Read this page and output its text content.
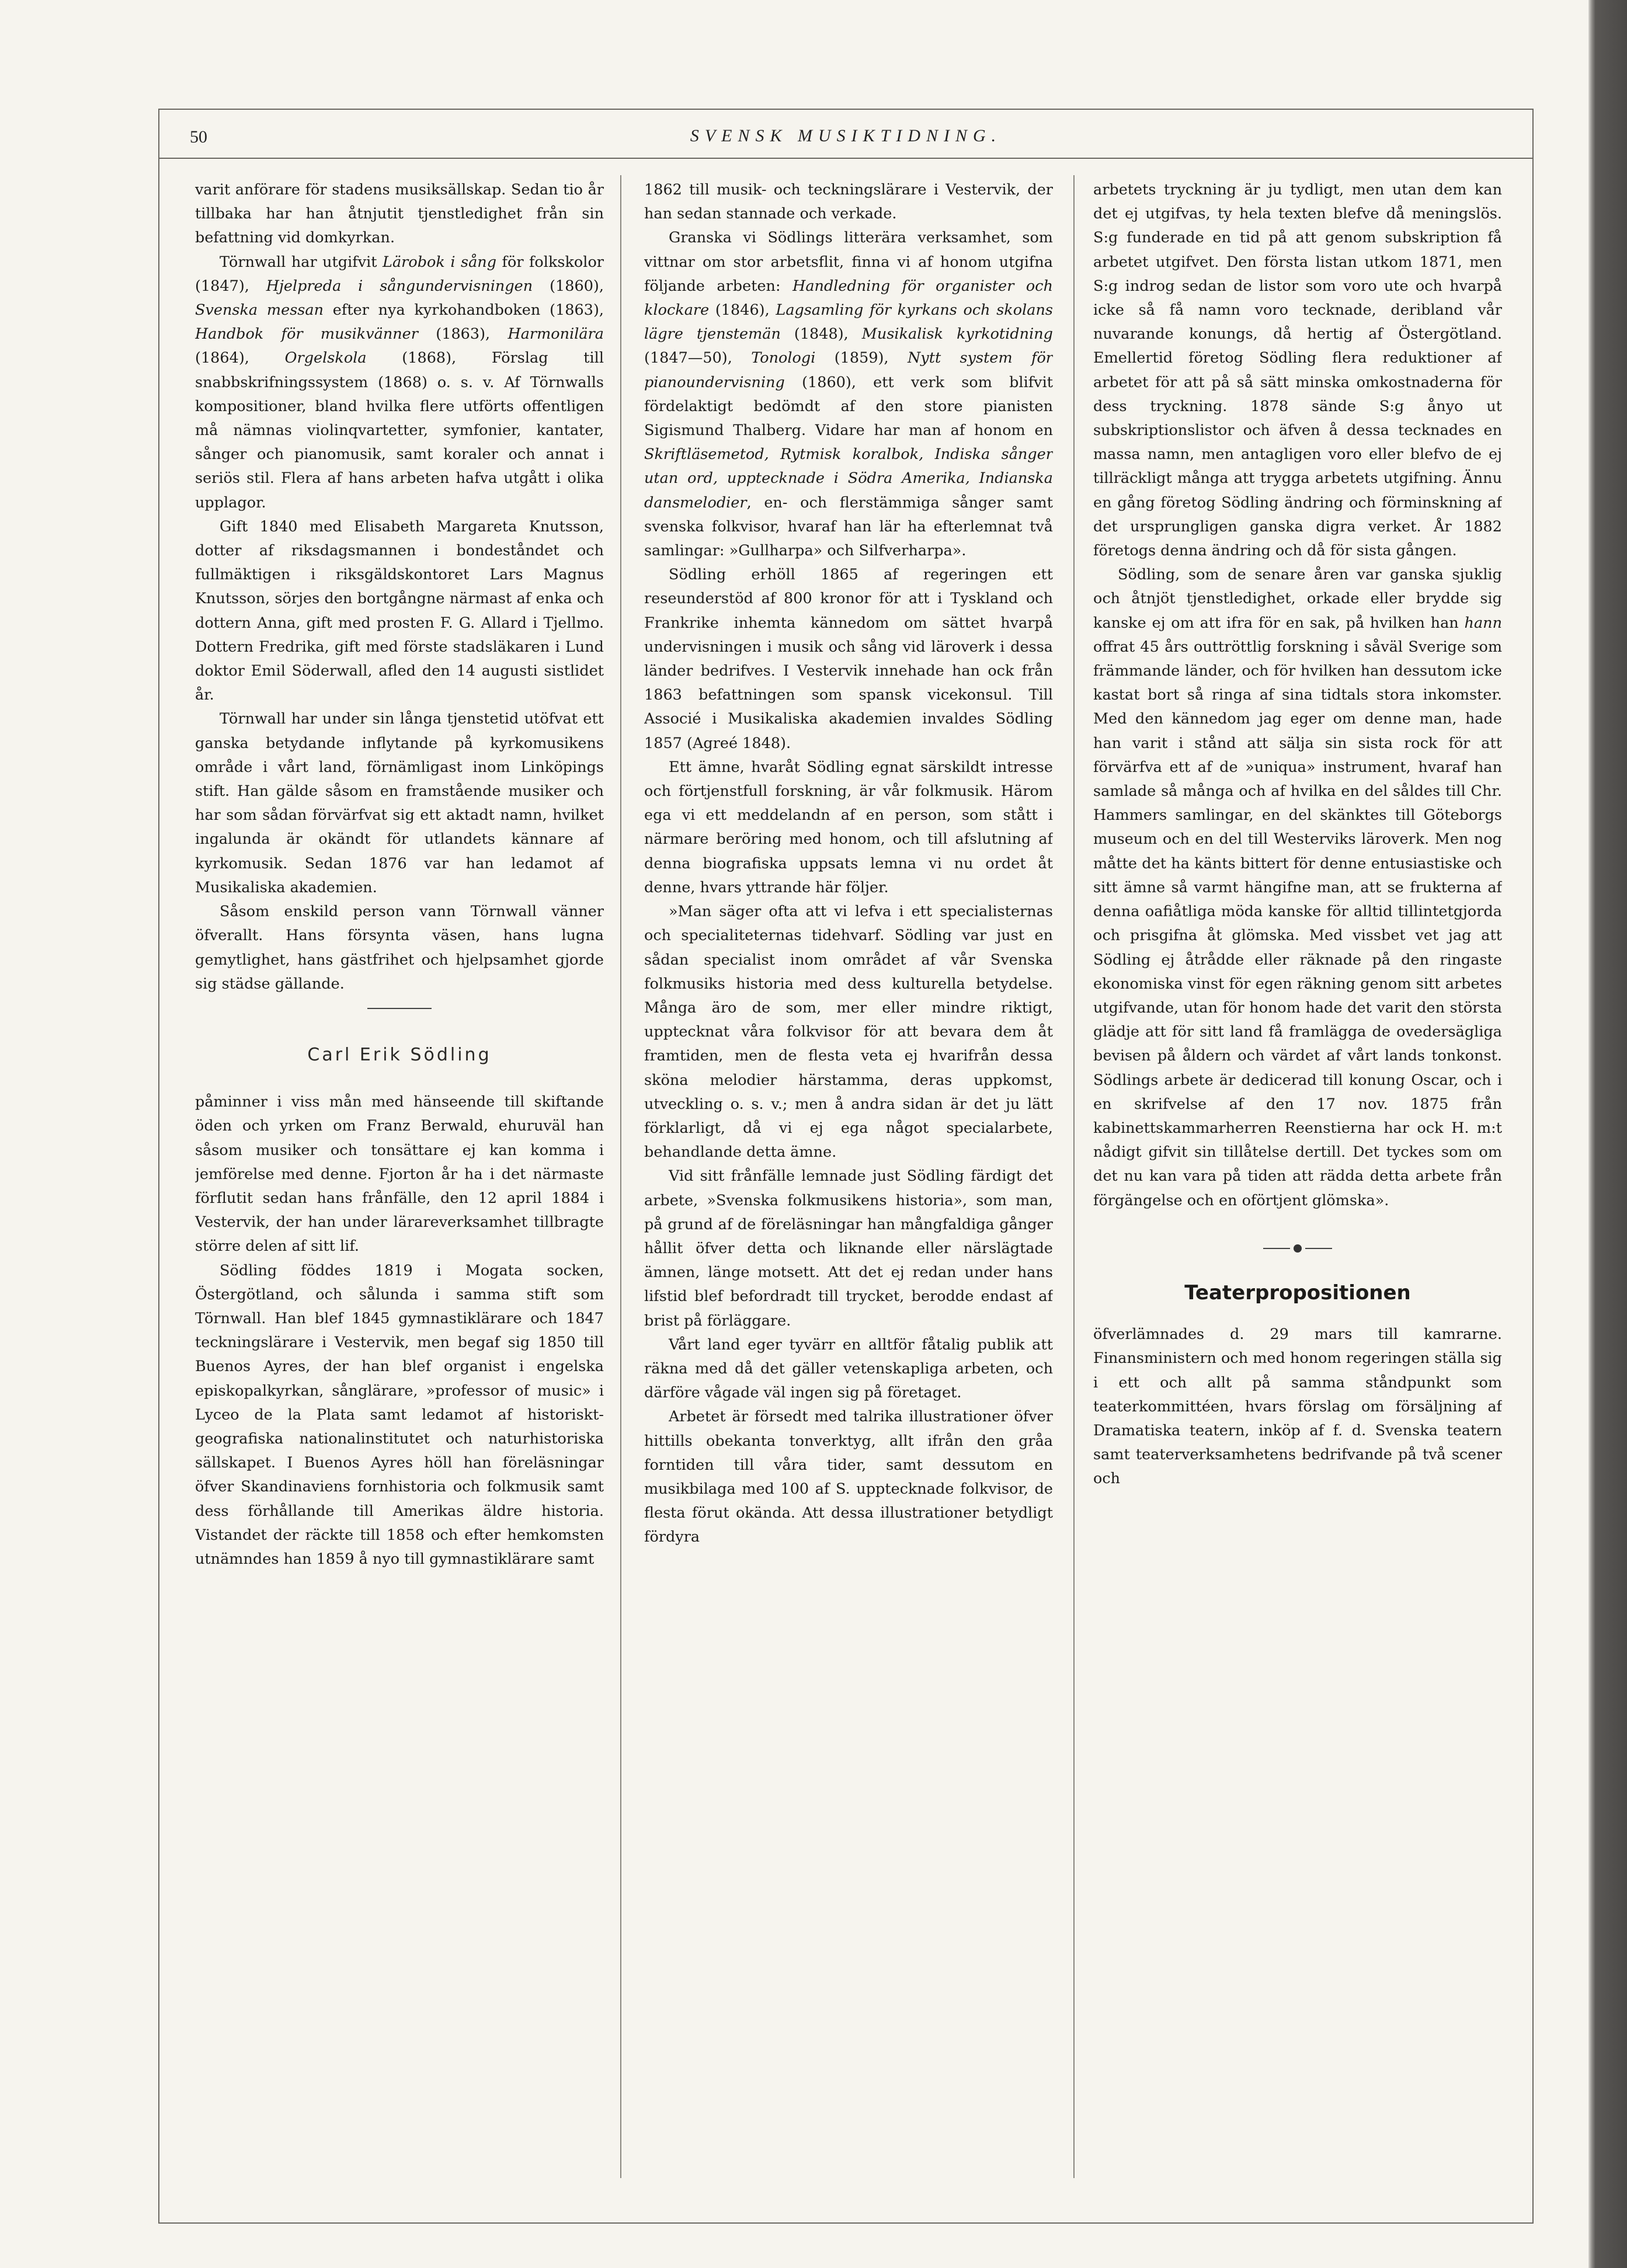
50	SVENSK MUSIKTIDNING.

varit anförare för stadens musiksällskap. Sedan tio år tillbaka har han åtnjutit tjenstledighet från sin befattning vid domkyrkan.

Törnwall har utgifvit Lärobok i sång för folkskolor (1847), Hjelpreda i sångundervisningen (1860), Svenska messan efter nya kyrkohandboken (1863), Handbok för musikvänner (1863), Harmonilära (1864), Orgelskola (1868), Förslag till snabbskrifningssystem (1868) o. s. v. Af Törnwalls kompositioner, bland hvilka flere utförts offentligen må nämnas violinqvartetter, symfonier, kantater, sånger och pianomusik, samt koraler och annat i seriös stil. Flera af hans arbeten hafva utgått i olika upplagor.

Gift 1840 med Elisabeth Margareta Knutsson, dotter af riksdagsmannen i bondeståndet och fullmäktigen i riksgäldskontoret Lars Magnus Knutsson, sörjes den bortgångne närmast af enka och dottern Anna, gift med prosten F. G. Allard i Tjellmo. Dottern Fredrika, gift med förste stadsläkaren i Lund doktor Emil Söderwall, afled den 14 augusti sistlidet år.

Törnwall har under sin långa tjenstetid utöfvat ett ganska betydande inflytande på kyrkomusikens område i vårt land, förnämligast inom Linköpings stift. Han gälde såsom en framstående musiker och har som sådan förvärfvat sig ett aktadt namn, hvilket ingalunda är okändt för utlandets kännare af kyrkomusik. Sedan 1876 var han ledamot af Musikaliska akademien.

Såsom enskild person vann Törnwall vänner öfverallt. Hans försynta väsen, hans lugna gemytlighet, hans gästfrihet och hjelpsamhet gjorde sig städse gällande.

Carl Erik Södling

påminner i viss mån med hänseende till skiftande öden och yrken om Franz Berwald, ehuruväl han såsom musiker och tonsättare ej kan komma i jemförelse med denne. Fjorton år ha i det närmaste förflutit sedan hans frånfälle, den 12 april 1884 i Vestervik, der han under lärareverksamhet tillbragte större delen af sitt lif.

Södling föddes 1819 i Mogata socken, Östergötland, och sålunda i samma stift som Törnwall. Han blef 1845 gymnastiklärare och 1847 teckningslärare i Vestervik, men begaf sig 1850 till Buenos Ayres, der han blef organist i engelska episkopalkyrkan, sånglärare, »professor of music» i Lyceo de la Plata samt ledamot af historiskt-geografiska nationalinstitutet och naturhistoriska sällskapet. I Buenos Ayres höll han föreläsningar öfver Skandinaviens fornhistoria och folkmusik samt dess förhållande till Amerikas äldre historia. Vistandet der räckte till 1858 och efter hemkomsten utnämndes han 1859 å nyo till gymnastiklärare samt

1862 till musik- och teckningslärare i Vestervik, der han sedan stannade och verkade.

Granska vi Södlings litterära verksamhet, som vittnar om stor arbetsflit, finna vi af honom utgifna följande arbeten: Handledning för organister och klockare (1846), Lagsamling för kyrkans och skolans lägre tjenstemän (1848), Musikalisk kyrkotidning (1847—50), Tonologi (1859), Nytt system för pianoundervisning (1860), ett verk som blifvit fördelaktigt bedömdt af den store pianisten Sigismund Thalberg. Vidare har man af honom en Skriftläsemetod, Rytmisk koralbok, Indiska sånger utan ord, upptecknade i Södra Amerika, Indianska dansmelodier, en- och flerstämmiga sånger samt svenska folkvisor, hvaraf han lär ha efterlemnat två samlingar: »Gullharpa» och Silfverharpa».

Södling erhöll 1865 af regeringen ett reseunderstöd af 800 kronor för att i Tyskland och Frankrike inhemta kännedom om sättet hvarpå undervisningen i musik och sång vid läroverk i dessa länder bedrifves. I Vestervik innehade han ock från 1863 befattningen som spansk vicekonsul. Till Associé i Musikaliska akademien invaldes Södling 1857 (Agreé 1848).

Ett ämne, hvaråt Södling egnat särskildt intresse och förtjenstfull forskning, är vår folkmusik. Härom ega vi ett meddelandn af en person, som stått i närmare beröring med honom, och till afslutning af denna biografiska uppsats lemna vi nu ordet åt denne, hvars yttrande här följer.

»Man säger ofta att vi lefva i ett specialisternas och specialiteternas tidehvarf. Södling var just en sådan specialist inom området af vår Svenska folkmusiks historia med dess kulturella betydelse. Många äro de som, mer eller mindre riktigt, upptecknat våra folkvisor för att bevara dem åt framtiden, men de flesta veta ej hvarifrån dessa sköna melodier härstamma, deras uppkomst, utveckling o. s. v.; men å andra sidan är det ju lätt förklarligt, då vi ej ega något specialarbete, behandlande detta ämne.

Vid sitt frånfälle lemnade just Södling färdigt det arbete, »Svenska folkmusikens historia», som man, på grund af de föreläsningar han mångfaldiga gånger hållit öfver detta och liknande eller närslägtade ämnen, länge motsett. Att det ej redan under hans lifstid blef befordradt till trycket, berodde endast af brist på förläggare.

Vårt land eger tyvärr en alltför fåtalig publik att räkna med då det gäller vetenskapliga arbeten, och därföre vågade väl ingen sig på företaget.

Arbetet är försedt med talrika illustrationer öfver hittills obekanta tonverktyg, allt ifrån den gråa forntiden till våra tider, samt dessutom en musikbilaga med 100 af S. upptecknade folkvisor, de flesta förut okända. Att dessa illustrationer betydligt fördyra

arbetets tryckning är ju tydligt, men utan dem kan det ej utgifvas, ty hela texten blefve då meningslös. S:g funderade en tid på att genom subskription få arbetet utgifvet. Den första listan utkom 1871, men S:g indrog sedan de listor som voro ute och hvarpå icke så få namn voro tecknade, deribland vår nuvarande konungs, då hertig af Östergötland. Emellertid företog Södling flera reduktioner af arbetet för att på så sätt minska omkostnaderna för dess tryckning. 1878 sände S:g ånyo ut subskriptionslistor och äfven å dessa tecknades en massa namn, men antagligen voro eller blefvo de ej tillräckligt många att trygga arbetets utgifning. Ännu en gång företog Södling ändring och förminskning af det ursprungligen ganska digra verket. År 1882 företogs denna ändring och då för sista gången.

Södling, som de senare åren var ganska sjuklig och åtnjöt tjenstledighet, orkade eller brydde sig kanske ej om att ifra för en sak, på hvilken han hann offrat 45 års outtröttlig forskning i såväl Sverige som främmande länder, och för hvilken han dessutom icke kastat bort så ringa af sina tidtals stora inkomster. Med den kännedom jag eger om denne man, hade han varit i stånd att sälja sin sista rock för att förvärfva ett af de »uniqua» instrument, hvaraf han samlade så många och af hvilka en del såldes till Chr. Hammers samlingar, en del skänktes till Göteborgs museum och en del till Westerviks läroverk. Men nog måtte det ha känts bittert för denne entusiastiske och sitt ämne så varmt hängifne man, att se frukterna af denna oafiåtliga möda kanske för alltid tillintetgjorda och prisgifna åt glömska. Med vissbet vet jag att Södling ej åtrådde eller räknade på den ringaste ekonomiska vinst för egen räkning genom sitt arbetes utgifvande, utan för honom hade det varit den största glädje att för sitt land få framlägga de ovedersägliga bevisen på åldern och värdet af vårt lands tonkonst. Södlings arbete är dedicerad till konung Oscar, och i en skrifvelse af den 17 nov. 1875 från kabinettskammarherren Reenstierna har ock H. m:t nådigt gifvit sin tillåtelse dertill. Det tyckes som om det nu kan vara på tiden att rädda detta arbete från förgängelse och en oförtjent glömska».

Teaterpropositionen

öfverlämnades d. 29 mars till kamrarne. Finansministern och med honom regeringen ställa sig i ett och allt på samma ståndpunkt som teaterkommittéen, hvars förslag om försäljning af Dramatiska teatern, inköp af f. d. Svenska teatern samt teaterverksamhetens bedrifvande på två scener och
